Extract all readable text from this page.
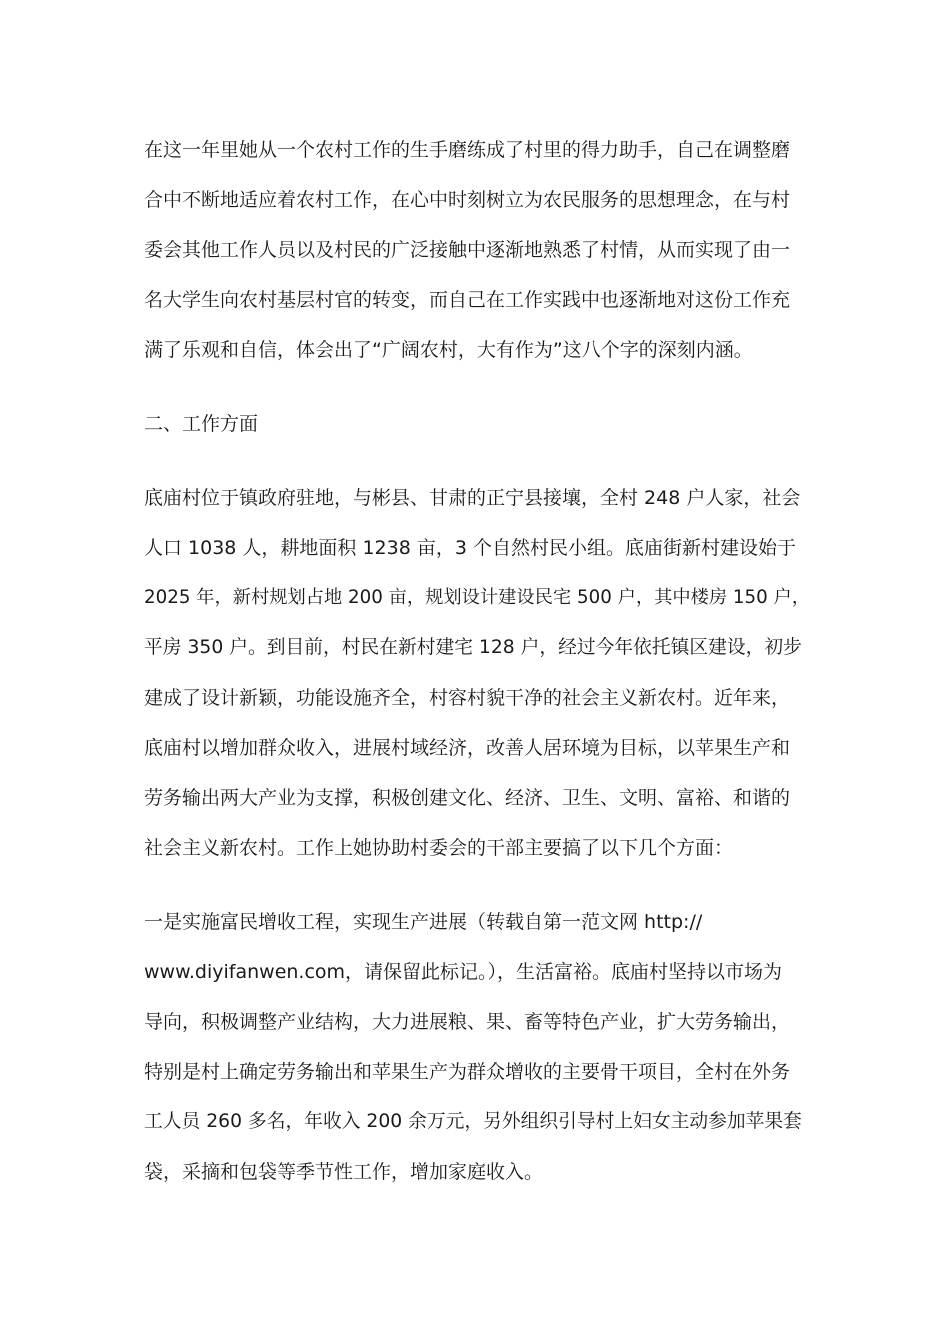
在这一年里她从一个农村工作的生手磨练成了村里的得力助手，自己在调整磨
合中不断地适应着农村工作，在心中时刻树立为农民服务的思想理念，在与村
委会其他工作人员以及村民的广泛接触中逐渐地熟悉了村情，从而实现了由一
名大学生向农村基层村官的转变，而自己在工作实践中也逐渐地对这份工作充
满了乐观和自信，体会出了“广阔农村，大有作为”这八个字的深刻内涵。
二、工作方面
底庙村位于镇政府驻地，与彬县、甘肃的正宁县接壤，全村 248 户人家，社会
人口 1038 人，耕地面积 1238 亩，3 个自然村民小组。底庙街新村建设始于
2025 年，新村规划占地 200 亩，规划设计建设民宅 500 户，其中楼房 150 户，
平房 350 户。到目前，村民在新村建宅 128 户，经过今年依托镇区建设，初步
建成了设计新颖，功能设施齐全，村容村貌干净的社会主义新农村。近年来，
底庙村以增加群众收入，进展村域经济，改善人居环境为目标，以苹果生产和
劳务输出两大产业为支撑，积极创建文化、经济、卫生、文明、富裕、和谐的
社会主义新农村。工作上她协助村委会的干部主要搞了以下几个方面：
一是实施富民增收工程，实现生产进展（转载自第一范文网 http://
www.diyifanwen.com，请保留此标记。），生活富裕。底庙村坚持以市场为
导向，积极调整产业结构，大力进展粮、果、畜等特色产业，扩大劳务输出，
特别是村上确定劳务输出和苹果生产为群众增收的主要骨干项目，全村在外务
工人员 260 多名，年收入 200 余万元，另外组织引导村上妇女主动参加苹果套
袋，采摘和包袋等季节性工作，增加家庭收入。
